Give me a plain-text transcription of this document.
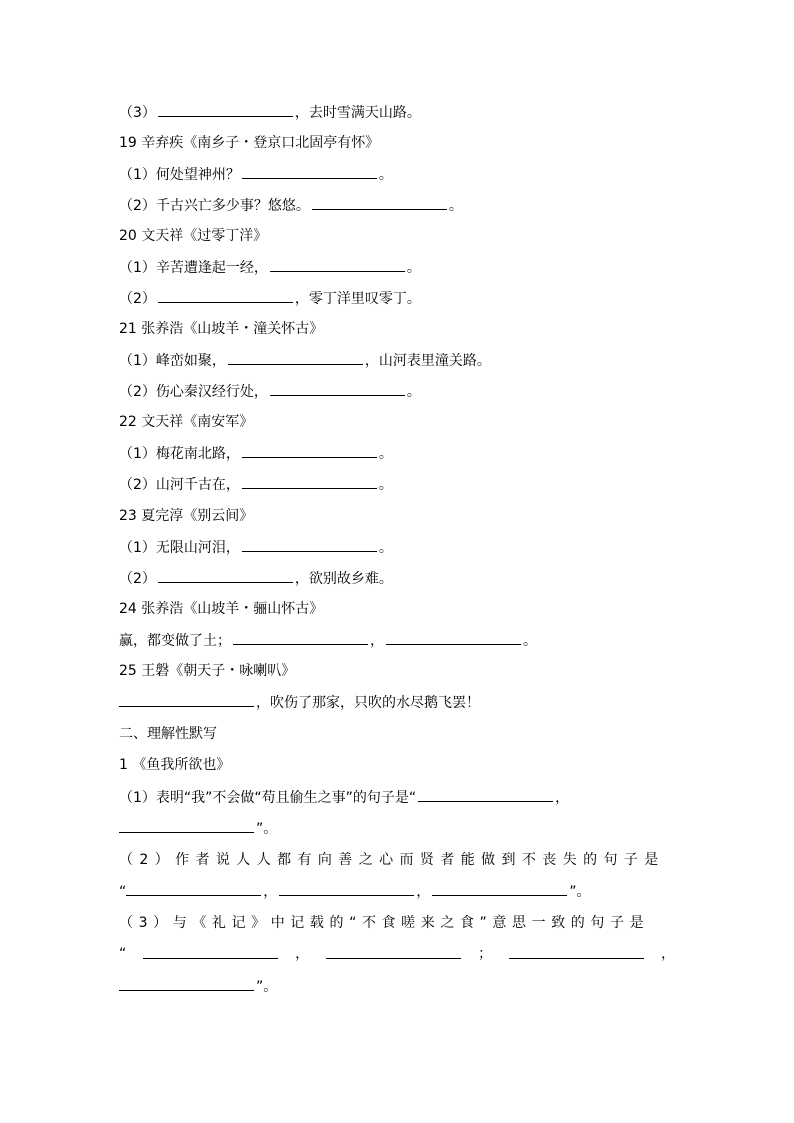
（3）	，去时雪满天山路。
19 辛弃疾《南乡子・登京口北固亭有怀》
（1）何处望神州？	。
（2）千古兴亡多少事？悠悠。	。
20 文天祥《过零丁洋》
（1）辛苦遭逢起一经，	。
（2）	，零丁洋里叹零丁。
21 张养浩《山坡羊・潼关怀古》
（1）峰峦如聚，	，山河表里潼关路。
（2）伤心秦汉经行处，	。
22 文天祥《南安军》
（1）梅花南北路，	。
（2）山河千古在，	。
23 夏完淳《别云间》
（1）无限山河泪，	。
（2）	，欲别故乡难。
24 张养浩《山坡羊・骊山怀古》
赢，都变做了土；	，	。
25 王磐《朝天子・咏喇叭》
，吹伤了那家，只吹的水尽鹅飞罢！
二、理解性默写
1 《鱼我所欲也》
（1）表明“我”不会做“苟且偷生之事”的句子是“	，
”。
（2）作者说人人都有向善之心而贤者能做到不丧失的句子是
“	，	，	”。
（3）与《礼记》中记载的“不食嗟来之食”意思一致的句子是
“	，	；	，
”。
